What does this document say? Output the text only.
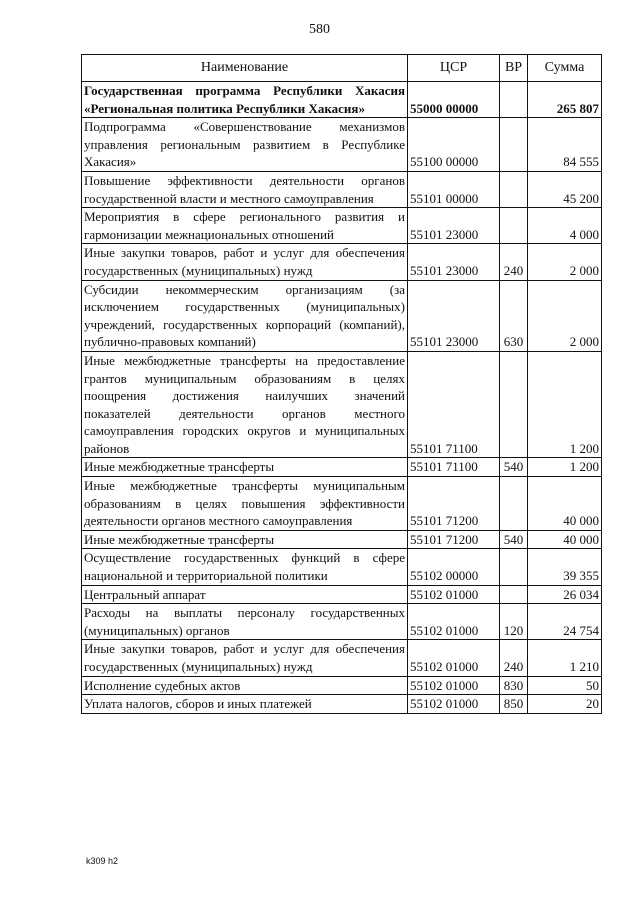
580
Наименование	ЦСР	ВР	Сумма
Государственная программа Республики Хакасия «Региональная политика Республики Хакасия»	55000 00000		265 807
Подпрограмма «Совершенствование механизмов управления региональным развитием в Республике Хакасия»	55100 00000		84 555
Повышение эффективности деятельности органов государственной власти и местного самоуправления	55101 00000		45 200
Мероприятия в сфере регионального развития и гармонизации межнациональных отношений	55101 23000		4 000
Иные закупки товаров, работ и услуг для обеспечения государственных (муниципальных) нужд	55101 23000	240	2 000
Субсидии некоммерческим организациям (за исключением государственных (муниципальных) учреждений, государственных корпораций (компаний), публично-правовых компаний)	55101 23000	630	2 000
Иные межбюджетные трансферты на предоставление грантов муниципальным образованиям в целях поощрения достижения наилучших значений показателей деятельности органов местного самоуправления городских округов и муниципальных районов	55101 71100		1 200
Иные межбюджетные трансферты	55101 71100	540	1 200
Иные межбюджетные трансферты муниципальным образованиям в целях повышения эффективности деятельности органов местного самоуправления	55101 71200		40 000
Иные межбюджетные трансферты	55101 71200	540	40 000
Осуществление государственных функций в сфере национальной и территориальной политики	55102 00000		39 355
Центральный аппарат	55102 01000		26 034
Расходы на выплаты персоналу государственных (муниципальных) органов	55102 01000	120	24 754
Иные закупки товаров, работ и услуг для обеспечения государственных (муниципальных) нужд	55102 01000	240	1 210
Исполнение судебных актов	55102 01000	830	50
Уплата налогов, сборов и иных платежей	55102 01000	850	20
k309 h2
